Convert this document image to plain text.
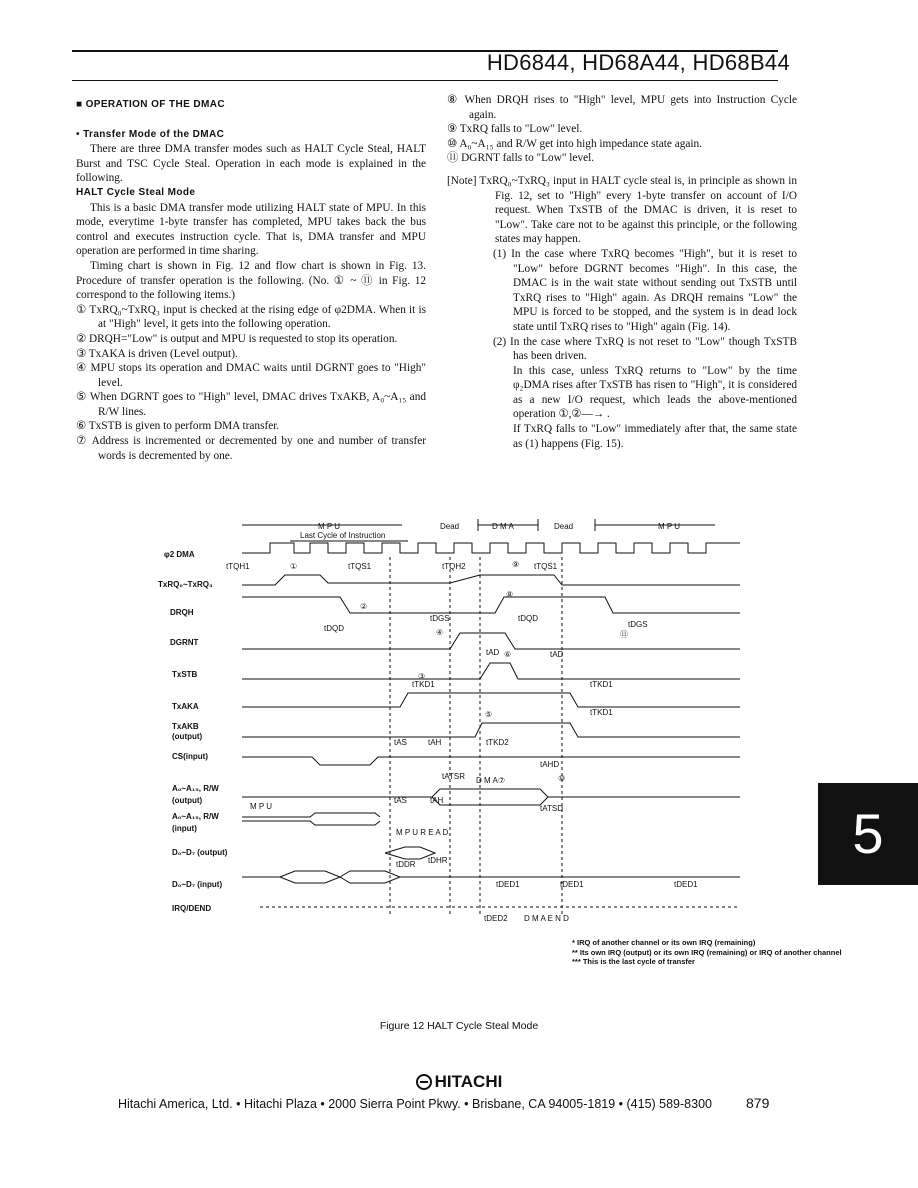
HD6844, HD68A44, HD68B44

■ OPERATION OF THE DMAC

• Transfer Mode of the DMAC

There are three DMA transfer modes such as HALT Cycle Steal, HALT Burst and TSC Cycle Steal. Operation in each mode is explained in the following.

HALT Cycle Steal Mode

This is a basic DMA transfer mode utilizing HALT state of MPU. In this mode, everytime 1-byte transfer has completed, MPU takes back the bus control and executes instruction cycle. That is, DMA transfer and MPU operation are performed in time sharing.

Timing chart is shown in Fig. 12 and flow chart is shown in Fig. 13. Procedure of transfer operation is the following. (No. ① ~ ⑪ in Fig. 12 correspond to the following items.)

① TxRQ₀~TxRQ₃ input is checked at the rising edge of φ2DMA. When it is at "High" level, it gets into the following operation.

② DRQH="Low" is output and MPU is requested to stop its operation.

③ TxAKA is driven (Level output).

④ MPU stops its operation and DMAC waits until DGRNT goes to "High" level.

⑤ When DGRNT goes to "High" level, DMAC drives TxAKB, A₀~A₁₅ and R/W lines.

⑥ TxSTB is given to perform DMA transfer.

⑦ Address is incremented or decremented by one and number of transfer words is decremented by one.

⑧ When DRQH rises to "High" level, MPU gets into Instruction Cycle again.

⑨ TxRQ falls to "Low" level.

⑩ A₀~A₁₅ and R/W get into high impedance state again.

⑪ DGRNT falls to "Low" level.

[Note] TxRQ₀~TxRQ₃ input in HALT cycle steal is, in principle as shown in Fig. 12, set to "High" every 1-byte transfer on account of I/O request. When TxSTB of the DMAC is driven, it is reset to "Low". Take care not to be against this principle, or the following states may happen.

(1) In the case where TxRQ becomes "High", but it is reset to "Low" before DGRNT becomes "High". In this case, the DMAC is in the wait state without sending out TxSTB until TxRQ rises to "High" again. As DRQH remains "Low" the MPU is forced to be stopped, and the system is in dead lock state until TxRQ rises to "High" again (Fig. 14).

(2) In the case where TxRQ is not reset to "Low" though TxSTB has been driven.

In this case, unless TxRQ returns to "Low" by the time φ₂DMA rises after TxSTB has risen to "High", it is considered as a new I/O request, which leads the above-mentioned operation ①,②—→ .

If TxRQ falls to "Low" immediately after that, the same state as (1) happens (Fig. 15).

M P U
Last Cycle of Instruction
Dead	D M A	Dead	M P U
φ2 DMA
TxRQ₀~TxRQ₃
DRQH
DGRNT
TxSTB
TxAKA
TxAKB
(output)
CS(input)
A₀~A₁₅, R/W
(output)
A₀~A₁₅, R/W
(input)
D₀~D₇ (output)
D₀~D₇ (input)
IRQ/DEND
tTQH1	tTQS1	tTQH2	tTQS1
tDQD
tDGS	tDQD
tDGS
tAD	tAD
tTKD1	tTKD1
tTKD1
tAS	tAH	tTKD2
tATSR
tAHD
tAS	tAH
tATSD
tDDR tDHR
tDED1	tDED1	tDED1
tDED2
M P U
D M A
M P U R E A D
D M A E N D
①
②
③
④
⑤
⑥
⑦
⑧
⑨
⑩
⑪

* IRQ of another channel or its own IRQ (remaining)

** Its own IRQ (output) or its own IRQ (remaining) or IRQ of another channel

*** This is the last cycle of transfer

Figure 12 HALT Cycle Steal Mode
5
HITACHI
Hitachi America, Ltd. • Hitachi Plaza • 2000 Sierra Point Pkwy. • Brisbane, CA 94005-1819 • (415) 589-8300 879
